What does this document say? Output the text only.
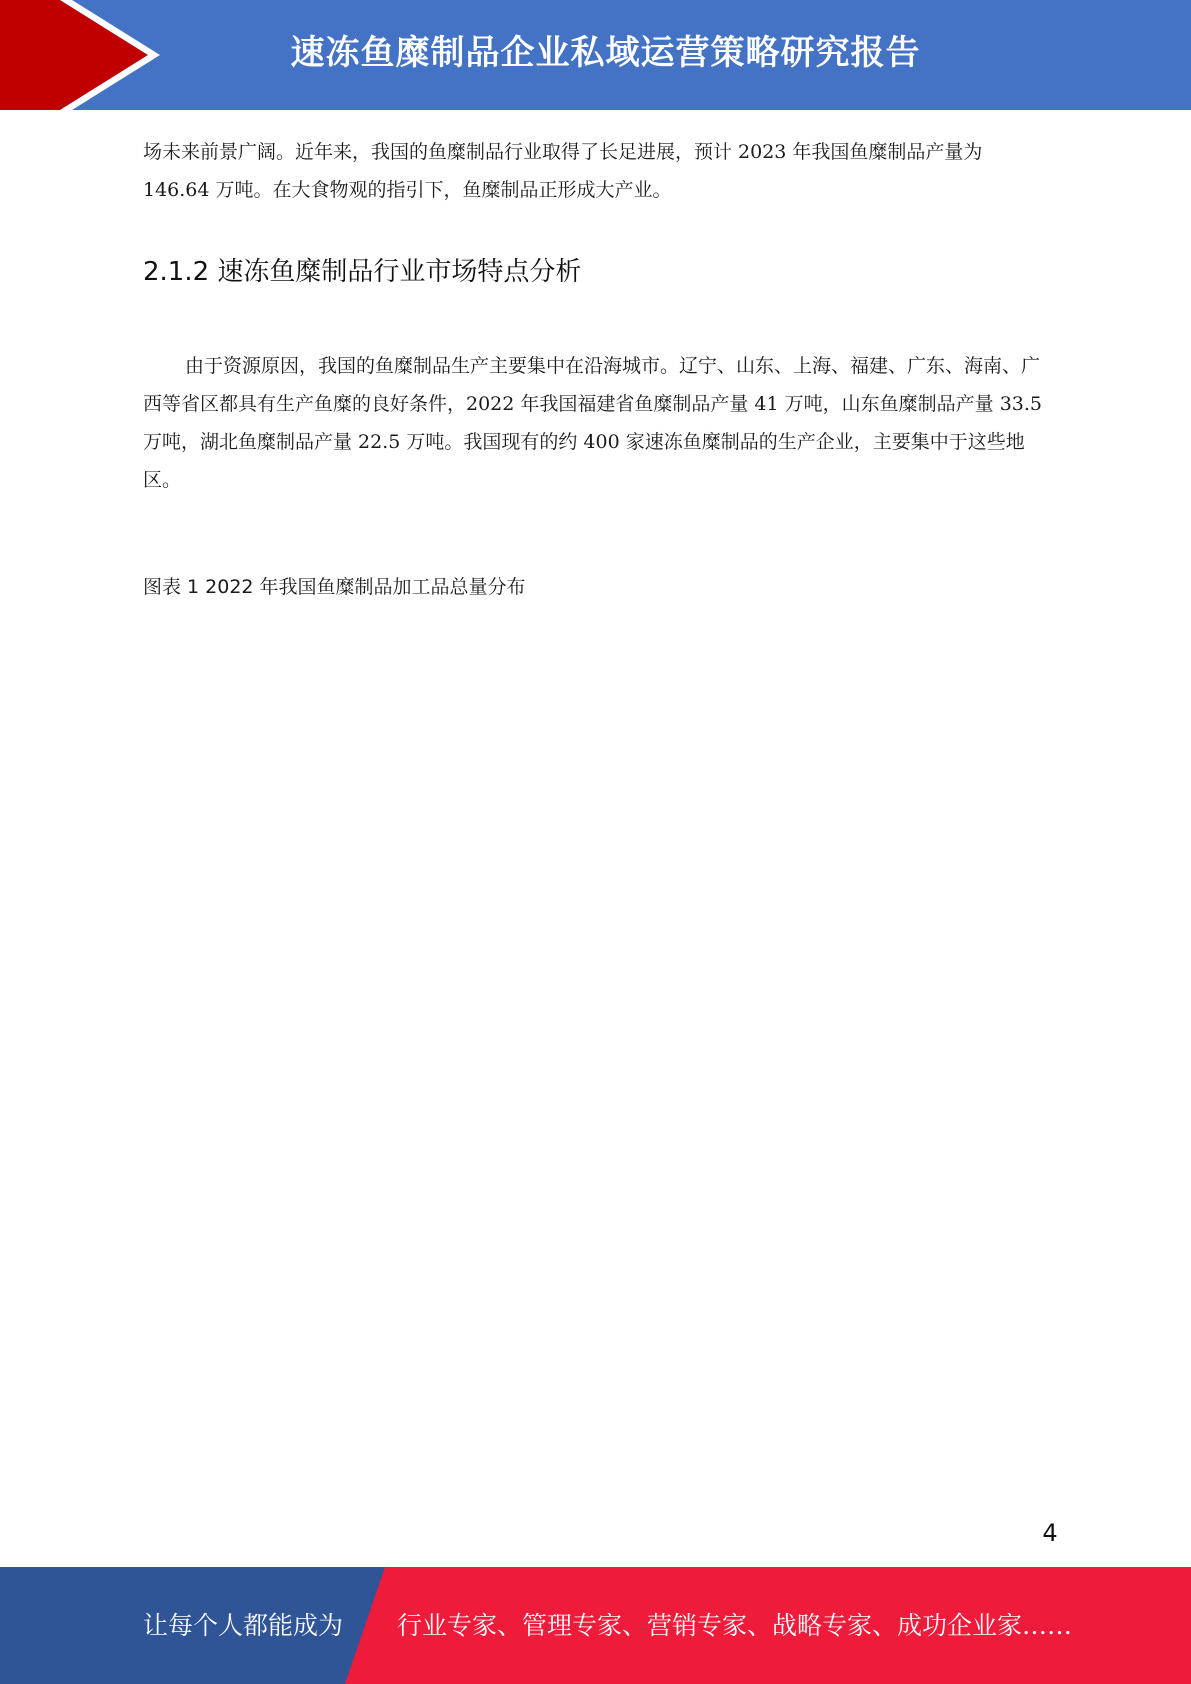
速冻鱼糜制品企业私域运营策略研究报告

场未来前景广阔。近年来，我国的鱼糜制品行业取得了长足进展，预计 2023 年我国鱼糜制品产量为 146.64 万吨。在大食物观的指引下，鱼糜制品正形成大产业。

2.1.2 速冻鱼糜制品行业市场特点分析

由于资源原因，我国的鱼糜制品生产主要集中在沿海城市。辽宁、山东、上海、福建、广东、海南、广西等省区都具有生产鱼糜的良好条件，2022 年我国福建省鱼糜制品产量 41 万吨，山东鱼糜制品产量 33.5 万吨，湖北鱼糜制品产量 22.5 万吨。我国现有的约 400 家速冻鱼糜制品的生产企业，主要集中于这些地区。

图表 1 2022 年我国鱼糜制品加工品总量分布

4
让每个人都能成为 行业专家、管理专家、营销专家、战略专家、成功企业家……
